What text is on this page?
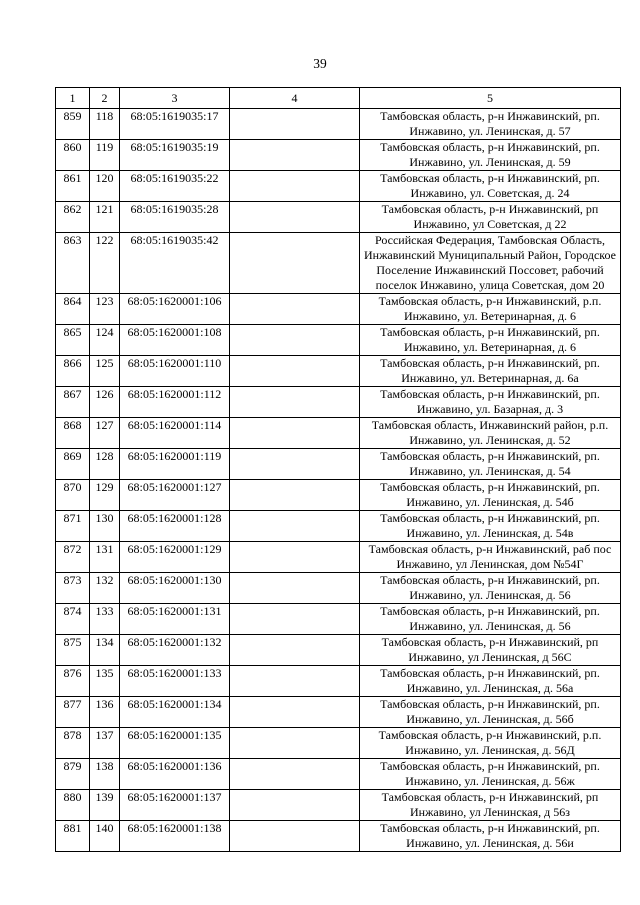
39
1	2	3	4	5
859	118	68:05:1619035:17		Тамбовская область, р-н Инжавинский, рп. Инжавино, ул. Ленинская, д. 57
860	119	68:05:1619035:19		Тамбовская область, р-н Инжавинский, рп. Инжавино, ул. Ленинская, д. 59
861	120	68:05:1619035:22		Тамбовская область, р-н Инжавинский, рп. Инжавино, ул. Советская, д. 24
862	121	68:05:1619035:28		Тамбовская область, р-н Инжавинский, рп Инжавино, ул Советская, д 22
863	122	68:05:1619035:42		Российская Федерация, Тамбовская Область, Инжавинский Муниципальный Район, Городское Поселение Инжавинский Поссовет, рабочий поселок Инжавино, улица Советская, дом 20
864	123	68:05:1620001:106		Тамбовская область, р-н Инжавинский, р.п. Инжавино, ул. Ветеринарная, д. 6
865	124	68:05:1620001:108		Тамбовская область, р-н Инжавинский, рп. Инжавино, ул. Ветеринарная, д. 6
866	125	68:05:1620001:110		Тамбовская область, р-н Инжавинский, рп. Инжавино, ул. Ветеринарная, д. 6а
867	126	68:05:1620001:112		Тамбовская область, р-н Инжавинский, рп. Инжавино, ул. Базарная, д. 3
868	127	68:05:1620001:114		Тамбовская область, Инжавинский район, р.п. Инжавино, ул. Ленинская, д. 52
869	128	68:05:1620001:119		Тамбовская область, р-н Инжавинский, рп. Инжавино, ул. Ленинская, д. 54
870	129	68:05:1620001:127		Тамбовская область, р-н Инжавинский, рп. Инжавино, ул. Ленинская, д. 54б
871	130	68:05:1620001:128		Тамбовская область, р-н Инжавинский, рп. Инжавино, ул. Ленинская, д. 54в
872	131	68:05:1620001:129		Тамбовская область, р-н Инжавинский, раб пос Инжавино, ул Ленинская, дом №54Г
873	132	68:05:1620001:130		Тамбовская область, р-н Инжавинский, рп. Инжавино, ул. Ленинская, д. 56
874	133	68:05:1620001:131		Тамбовская область, р-н Инжавинский, рп. Инжавино, ул. Ленинская, д. 56
875	134	68:05:1620001:132		Тамбовская область, р-н Инжавинский, рп Инжавино, ул Ленинская, д 56С
876	135	68:05:1620001:133		Тамбовская область, р-н Инжавинский, рп. Инжавино, ул. Ленинская, д. 56а
877	136	68:05:1620001:134		Тамбовская область, р-н Инжавинский, рп. Инжавино, ул. Ленинская, д. 56б
878	137	68:05:1620001:135		Тамбовская область, р-н Инжавинский, р.п. Инжавино, ул. Ленинская, д. 56Д
879	138	68:05:1620001:136		Тамбовская область, р-н Инжавинский, рп. Инжавино, ул. Ленинская, д. 56ж
880	139	68:05:1620001:137		Тамбовская область, р-н Инжавинский, рп Инжавино, ул Ленинская, д 56з
881	140	68:05:1620001:138		Тамбовская область, р-н Инжавинский, рп. Инжавино, ул. Ленинская, д. 56и
